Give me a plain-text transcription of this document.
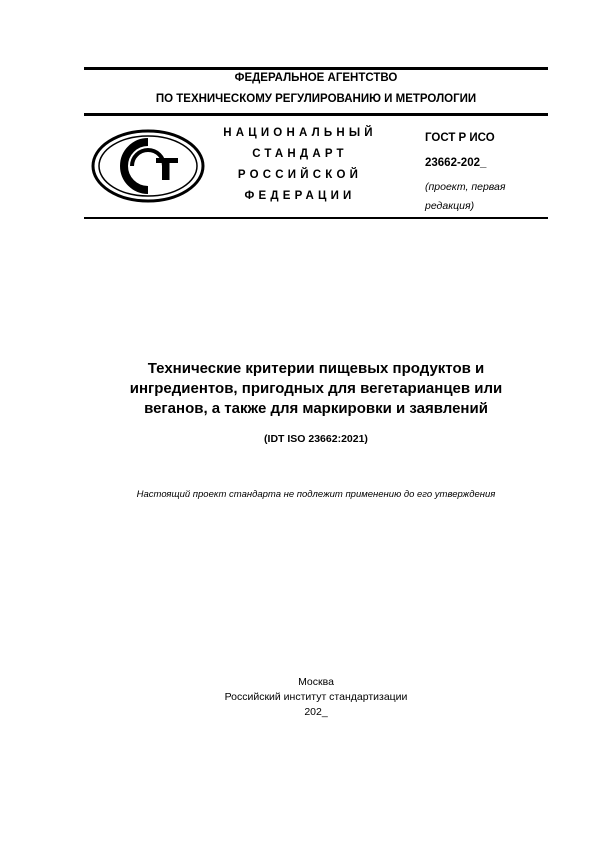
ФЕДЕРАЛЬНОЕ АГЕНТСТВО
ПО ТЕХНИЧЕСКОМУ РЕГУЛИРОВАНИЮ И МЕТРОЛОГИИ
НАЦИОНАЛЬНЫЙ
СТАНДАРТ
РОССИЙСКОЙ
ФЕДЕРАЦИИ
ГОСТ Р ИСО
23662-202_
(проект, первая
редакция)
Технические критерии пищевых продуктов и
ингредиентов, пригодных для вегетарианцев или
веганов, а также для маркировки и заявлений
(IDT ISO 23662:2021)
Настоящий проект стандарта не подлежит применению до его утверждения
Москва
Российский институт стандартизации
202_
